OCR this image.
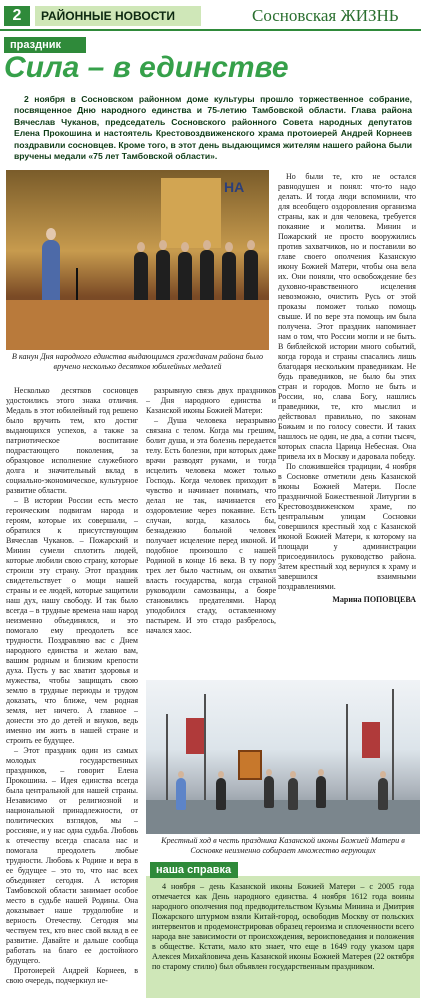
2	РАЙОННЫЕ НОВОСТИ	Сосновская ЖИЗНЬ
праздник
Сила – в единстве
2 ноября в Сосновском районном доме культуры прошло торжественное собрание, посвященное Дню народного единства и 75-летию Тамбовской области. Глава района Вячеслав Чуканов, председатель Сосновского районного Совета народных депутатов Елена Прокошина и настоятель Крестовоздвиженского храма протоиерей Андрей Корнеев поздравили сосновцев. Кроме того, в этот день выдающимся жителям нашего района были вручены медали «75 лет Тамбовской области».
НА
В канун Дня народного единства выдающимся гражданам района было вручено несколько десятков юбилейных медалей

Но были те, кто не остался равнодушен и понял: что-то надо делать. И тогда люди вспомнили, что для всеобщего оздоровления организма страны, как и для человека, требуется покаяние и молитва. Минин и Пожарский не просто вооружились против захватчиков, но и поставили во главе своего ополчения Казанскую икону Божией Матери, чтобы она вела их. Они поняли, что освобождение без духовно-нравственного исцеления невозможно, очистить Русь от этой проказы поможет только помощь свыше. И по вере эта помощь им была получена. Этот праздник напоминает нам о том, что России могли и не быть. В библейской истории много событий, когда города и страны спасались лишь благодаря нескольким праведникам. Не будь праведников, не было бы этих стран и городов. Могло не быть и России, но, слава Богу, нашлись праведники, те, кто мыслил и действовал правильно, по законам Божьим и по голосу совести. И таких нашлось не один, не два, а сотни тысяч, которых спасла Царица Небесная. Она привела их в Москву и даровала победу.

По сложившейся традиции, 4 ноября в Сосновке отметили день Казанской иконы Божией Матери. После праздничной Божественной Литургии в Крестовоздвиженском храме, по центральным улицам Сосновки совершился крестный ход с Казанской иконой Божией Матери, к которому на площади у администрации присоединилось руководство района. Затем крестный ход вернулся к храму и завершился взаимными поздравлениями.

Марина ПОПОВЦЕВА

Несколько десятков сосновцев удостоились этого знака отличия. Медаль в этот юбилейный год решено было вручить тем, кто достиг выдающихся успехов, а также за патриотическое воспитание подрастающего поколения, за образцовое исполнение служебного долга и значительный вклад в социально-экономическое, культурное развитие области.

– В истории России есть место героическим подвигам народа и героям, которые их совершали, – обратился к присутствующим Вячеслав Чуканов. – Пожарский и Минин сумели сплотить людей, которые любили свою страну, которые строили эту страну. Этот праздник свидетельствует о мощи нашей страны и ее людей, которые защитили наш дух, нашу свободу. И так было всегда – в трудные времена наш народ неизменно объединялся, и это помогало ему преодолеть все трудности. Поздравляю вас с Днем народного единства и желаю вам, вашим родным и близким крепости духа. Пусть у вас хватит здоровья и мужества, чтобы защищать свою землю в трудные периоды и трудом доказать, что ближе, чем родная земля, нет ничего. А главное – донести это до детей и внуков, ведь именно им жить в нашей стране и строить ее будущее.

– Этот праздник один из самых молодых государственных праздников, – говорит Елена Прокошина. – Идея единства всегда была центральной для нашей страны. Независимо от религиозной и национальной принадлежности, от политических взглядов, мы – россияне, и у нас одна судьба. Любовь к отечеству всегда спасала нас и помогала преодолеть любые трудности. Любовь к Родине и вера в ее будущее – это то, что нас всех объединяет сегодня. А история Тамбовской области занимает особое место в судьбе нашей Родины. Она доказывает наше трудолюбие и верность Отечеству. Сегодня мы чествуем тех, кто внес свой вклад в ее развитие. Давайте и дальше сообща работать на благо ее достойного будущего.

Протоиерей Андрей Корнеев, в свою очередь, подчеркнул не-

разрывную связь двух праздников – Дня народного единства и Казанской иконы Божией Матери:

– Душа человека неразрывно связана с телом. Когда мы грешим, болит душа, и эта болезнь передается телу. Есть болезни, при которых даже врачи разводят руками, и тогда исцелить человека может только Господь. Когда человек приходит в чувство и начинает понимать, что делал не так, начинается его оздоровление через покаяние. Есть случаи, когда, казалось бы, безнадежно больной человек получает исцеление перед иконой. И подобное произошло с нашей Родиной в конце 16 века. В ту пору трех лет было частным, он охватил власть государства, когда страной руководили самозванцы, а боярe становились предателями. Народ уподобился стаду, оставленному пастырем. И это стадо разбрелось, начался хаос.

Крестный ход в честь праздника Казанской иконы Божией Матери в Сосновке неизменно собирает множество верующих

4 ноября – день Казанской иконы Божией Матери – с 2005 года отмечается как День народного единства. 4 ноября 1612 года воины народного ополчения под предводительством Кузьмы Минина и Дмитрия Пожарского штурмом взяли Китай-город, освободив Москву от польских интервентов и продемонстрировав образец героизма и сплоченности всего народа вне зависимости от происхождения, вероисповедания и положения в обществе. Кстати, мало кто знает, что еще в 1649 году указом царя Алексея Михайловича день Казанской иконы Божией Матерея (22 октября по старому стилю) был объявлен государственным праздником.

наша справка
